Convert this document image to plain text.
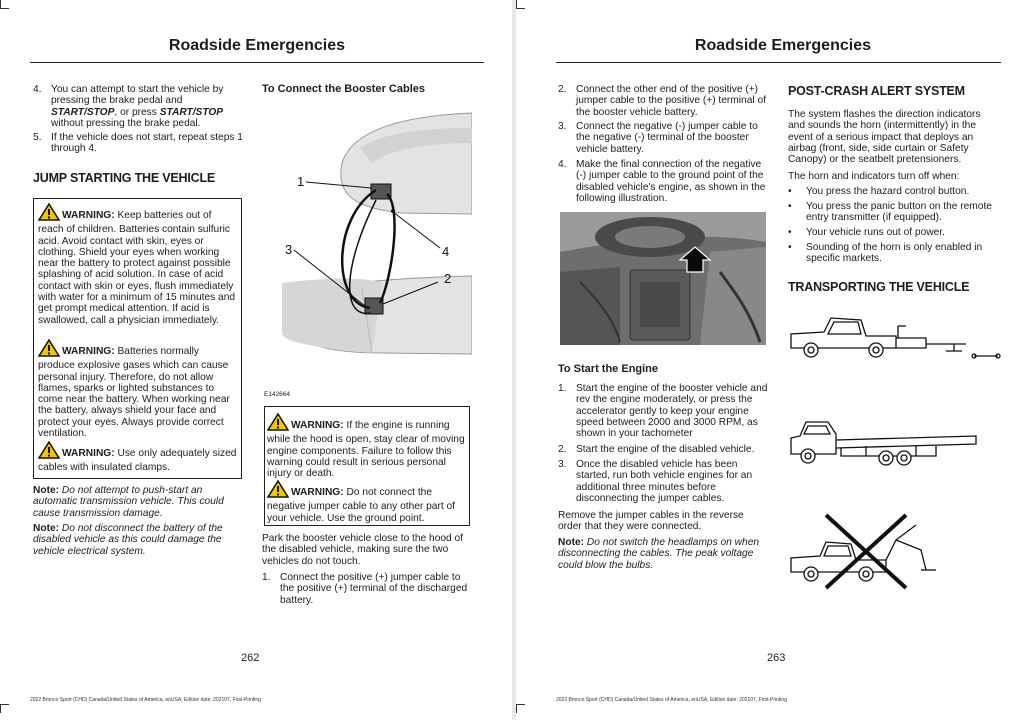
Roadside Emergencies
4. You can attempt to start the vehicle by pressing the brake pedal and START/STOP, or press START/STOP without pressing the brake pedal.
5. If the vehicle does not start, repeat steps 1 through 4.
JUMP STARTING THE VEHICLE
WARNING: Keep batteries out of reach of children. Batteries contain sulfuric acid. Avoid contact with skin, eyes or clothing. Shield your eyes when working near the battery to protect against possible splashing of acid solution. In case of acid contact with skin or eyes, flush immediately with water for a minimum of 15 minutes and get prompt medical attention. If acid is swallowed, call a physician immediately.
WARNING: Batteries normally produce explosive gases which can cause personal injury. Therefore, do not allow flames, sparks or lighted substances to come near the battery. When working near the battery, always shield your face and protect your eyes. Always provide correct ventilation.
WARNING: Use only adequately sized cables with insulated clamps.
Note: Do not attempt to push-start an automatic transmission vehicle. This could cause transmission damage.
Note: Do not disconnect the battery of the disabled vehicle as this could damage the vehicle electrical system.
To Connect the Booster Cables
1
2
3	4
E142664
WARNING: If the engine is running while the hood is open, stay clear of moving engine components. Failure to follow this warning could result in serious personal injury or death.
WARNING: Do not connect the negative jumper cable to any other part of your vehicle. Use the ground point.
Park the booster vehicle close to the hood of the disabled vehicle, making sure the two vehicles do not touch.
1. Connect the positive (+) jumper cable to the positive (+) terminal of the discharged battery.
262
2022 Bronco Sport (CHD) Canada/United States of America, enUSA, Edition date: 202107, First-Printing
Roadside Emergencies
2. Connect the other end of the positive (+) jumper cable to the positive (+) terminal of the booster vehicle battery.
3. Connect the negative (-) jumper cable to the negative (-) terminal of the booster vehicle battery.
4. Make the final connection of the negative (-) jumper cable to the ground point of the disabled vehicle's engine, as shown in the following illustration.
To Start the Engine
1. Start the engine of the booster vehicle and rev the engine moderately, or press the accelerator gently to keep your engine speed between 2000 and 3000 RPM, as shown in your tachometer
2. Start the engine of the disabled vehicle.
3. Once the disabled vehicle has been started, run both vehicle engines for an additional three minutes before disconnecting the jumper cables.
Remove the jumper cables in the reverse order that they were connected.
Note: Do not switch the headlamps on when disconnecting the cables. The peak voltage could blow the bulbs.
POST-CRASH ALERT SYSTEM
The system flashes the direction indicators and sounds the horn (intermittently) in the event of a serious impact that deploys an airbag (front, side, side curtain or Safety Canopy) or the seatbelt pretensioners.
The horn and indicators turn off when:
• You press the hazard control button.
• You press the panic button on the remote entry transmitter (if equipped).
• Your vehicle runs out of power.
• Sounding of the horn is only enabled in specific markets.
TRANSPORTING THE VEHICLE
263
2022 Bronco Sport (CHD) Canada/United States of America, enUSA, Edition date: 202107, First-Printing
